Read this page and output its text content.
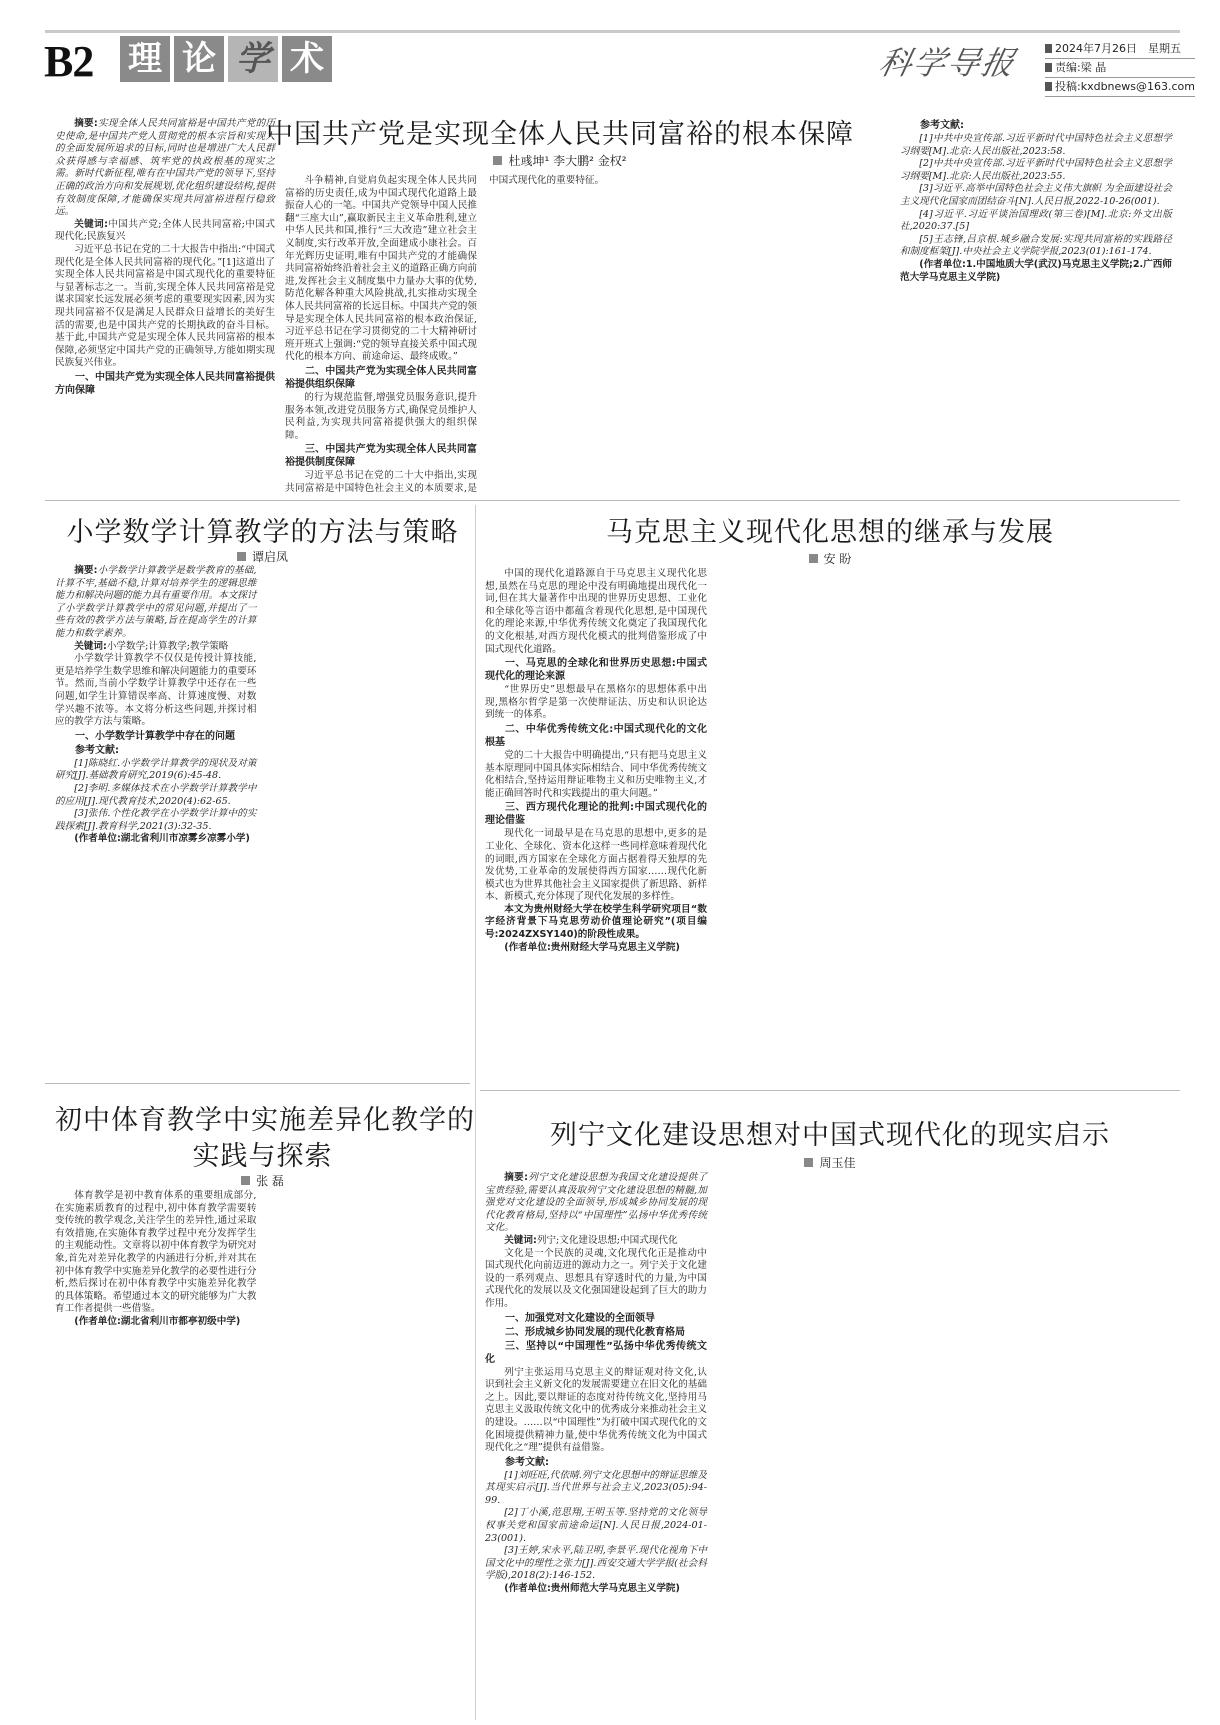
B2 理 论 学 术	科学导报	2024年7月26日　星期五
责编:梁 晶
投稿:kxdbnews@163.com
中国共产党是实现全体人民共同富裕的根本保障
杜彧坤¹ 李大鹏² 金权²

摘要:实现全体人民共同富裕是中国共产党的历史使命,是中国共产党人贯彻党的根本宗旨和实现人的全面发展所追求的目标,同时也是增进广大人民群众获得感与幸福感、筑牢党的执政根基的现实之需。新时代新征程,唯有在中国共产党的领导下,坚持正确的政治方向和发展规划,优化组织建设结构,提供有效制度保障,才能确保实现共同富裕进程行稳致远。

关键词:中国共产党;全体人民共同富裕;中国式现代化;民族复兴

习近平总书记在党的二十大报告中指出:“中国式现代化是全体人民共同富裕的现代化。”[1]这道出了实现全体人民共同富裕是中国式现代化的重要特征与显著标志之一。当前,实现全体人民共同富裕是党谋求国家长远发展必须考虑的重要现实因素,因为实现共同富裕不仅是满足人民群众日益增长的美好生活的需要,也是中国共产党的长期执政的奋斗目标。基于此,中国共产党是实现全体人民共同富裕的根本保障,必须坚定中国共产党的正确领导,方能如期实现民族复兴伟业。

一、中国共产党为实现全体人民共同富裕提供方向保障

斗争精神,自觉肩负起实现全体人民共同富裕的历史责任,成为中国式现代化道路上最振奋人心的一笔。中国共产党领导中国人民推翻“三座大山”,赢取新民主主义革命胜利,建立中华人民共和国,推行“三大改造”建立社会主义制度,实行改革开放,全面建成小康社会。百年光辉历史证明,唯有中国共产党的才能确保共同富裕始终沿着社会主义的道路正确方向前进,发挥社会主义制度集中力量办大事的优势,防范化解各种重大风险挑战,扎实推动实现全体人民共同富裕的长远目标。中国共产党的领导是实现全体人民共同富裕的根本政治保证,习近平总书记在学习贯彻党的二十大精神研讨班开班式上强调:“党的领导直接关系中国式现代化的根本方向、前途命运、最终成败。”

二、中国共产党为实现全体人民共同富裕提供组织保障

的行为规范监督,增强党员服务意识,提升服务本领,改进党员服务方式,确保党员维护人民利益,为实现共同富裕提供强大的组织保障。

三、中国共产党为实现全体人民共同富裕提供制度保障

习近平总书记在党的二十大中指出,实现共同富裕是中国特色社会主义的本质要求,是中国式现代化的重要特征。

参考文献:

[1]中共中央宣传部.习近平新时代中国特色社会主义思想学习纲要[M].北京:人民出版社,2023:58.

[2]中共中央宣传部.习近平新时代中国特色社会主义思想学习纲要[M].北京:人民出版社,2023:55.

[3]习近平.高举中国特色社会主义伟大旗帜 为全面建设社会主义现代化国家而团结奋斗[N].人民日报,2022-10-26(001).

[4]习近平.习近平谈治国理政(第三卷)[M].北京:外文出版社,2020:37.[5]

[5]王志锋,吕京根.城乡融合发展:实现共同富裕的实践路径和制度框架[J].中央社会主义学院学报,2023(01):161-174.

(作者单位:1.中国地质大学(武汉)马克思主义学院;2.广西师范大学马克思主义学院)

小学数学计算教学的方法与策略
谭启凤

摘要:小学数学计算教学是数学教育的基础,计算不牢,基础不稳,计算对培养学生的逻辑思维能力和解决问题的能力具有重要作用。本文探讨了小学数学计算教学中的常见问题,并提出了一些有效的教学方法与策略,旨在提高学生的计算能力和数学素养。

关键词:小学数学;计算教学;教学策略

小学数学计算教学不仅仅是传授计算技能,更是培养学生数学思维和解决问题能力的重要环节。然而,当前小学数学计算教学中还存在一些问题,如学生计算错误率高、计算速度慢、对数学兴趣不浓等。本文将分析这些问题,并探讨相应的教学方法与策略。

一、小学数学计算教学中存在的问题
参考文献:

[1]陈晓红.小学数学计算教学的现状及对策研究[J].基础教育研究,2019(6):45-48.

[2]李明.多媒体技术在小学数学计算教学中的应用[J].现代教育技术,2020(4):62-65.

[3]张伟.个性化教学在小学数学计算中的实践探索[J].教育科学,2021(3):32-35.

(作者单位:湖北省利川市凉雾乡凉雾小学)

马克思主义现代化思想的继承与发展
安 盼

中国的现代化道路源自于马克思主义现代化思想,虽然在马克思的理论中没有明确地提出现代化一词,但在其大量著作中出现的世界历史思想、工业化和全球化等言语中都蕴含着现代化思想,是中国现代化的理论来源,中华优秀传统文化奠定了我国现代化的文化根基,对西方现代化模式的批判借鉴形成了中国式现代化道路。

一、马克思的全球化和世界历史思想:中国式现代化的理论来源

“世界历史”思想最早在黑格尔的思想体系中出现,黑格尔哲学是第一次使辩证法、历史和认识论达到统一的体系。

二、中华优秀传统文化:中国式现代化的文化根基

党的二十大报告中明确提出,“只有把马克思主义基本原理同中国具体实际相结合、同中华优秀传统文化相结合,坚持运用辩证唯物主义和历史唯物主义,才能正确回答时代和实践提出的重大问题。”

三、西方现代化理论的批判:中国式现代化的理论借鉴

现代化一词最早是在马克思的思想中,更多的是工业化、全球化、资本化这样一些同样意味着现代化的词眼,西方国家在全球化方面占据着得天独厚的先发优势,工业革命的发展使得西方国家……现代化新模式也为世界其他社会主义国家提供了新思路、新样本、新模式,充分体现了现代化发展的多样性。

本文为贵州财经大学在校学生科学研究项目“数字经济背景下马克思劳动价值理论研究”(项目编号:2024ZXSY140)的阶段性成果。

(作者单位:贵州财经大学马克思主义学院)

初中体育教学中实施差异化教学的
实践与探索
张 磊

体育教学是初中教育体系的重要组成部分,在实施素质教育的过程中,初中体育教学需要转变传统的教学观念,关注学生的差异性,通过采取有效措施,在实施体育教学过程中充分发挥学生的主观能动性。文章将以初中体育教学为研究对象,首先对差异化教学的内涵进行分析,并对其在初中体育教学中实施差异化教学的必要性进行分析,然后探讨在初中体育教学中实施差异化教学的具体策略。希望通过本文的研究能够为广大教育工作者提供一些借鉴。

(作者单位:湖北省利川市都亭初级中学)

列宁文化建设思想对中国式现代化的现实启示
周玉佳

摘要:列宁文化建设思想为我国文化建设提供了宝贵经验,需要认真汲取列宁文化建设思想的精髓,加强党对文化建设的全面领导,形成城乡协同发展的现代化教育格局,坚持以“中国理性”弘扬中华优秀传统文化。

关键词:列宁;文化建设思想;中国式现代化

文化是一个民族的灵魂,文化现代化正是推动中国式现代化向前迈进的源动力之一。列宁关于文化建设的一系列观点、思想具有穿透时代的力量,为中国式现代化的发展以及文化强国建设起到了巨大的助力作用。

一、加强党对文化建设的全面领导
二、形成城乡协同发展的现代化教育格局
三、坚持以“中国理性”弘扬中华优秀传统文化

列宁主张运用马克思主义的辩证观对待文化,认识到社会主义新文化的发展需要建立在旧文化的基础之上。因此,要以辩证的态度对待传统文化,坚持用马克思主义汲取传统文化中的优秀成分来推动社会主义的建设。……以“中国理性”为打破中国式现代化的文化困境提供精神力量,使中华优秀传统文化为中国式现代化之“理”提供有益借鉴。

参考文献:

[1]刘旺旺,代依晴.列宁文化思想中的辩证思维及其现实启示[J].当代世界与社会主义,2023(05):94-99.

[2]丁小溪,范思翔,王明玉等.坚持党的文化领导权事关党和国家前途命运[N].人民日报,2024-01-23(001).

[3]王婷,宋永平,陆卫明,李景平.现代化视角下中国文化中的理性之张力[J].西安交通大学学报(社会科学版),2018(2):146-152.

(作者单位:贵州师范大学马克思主义学院)
